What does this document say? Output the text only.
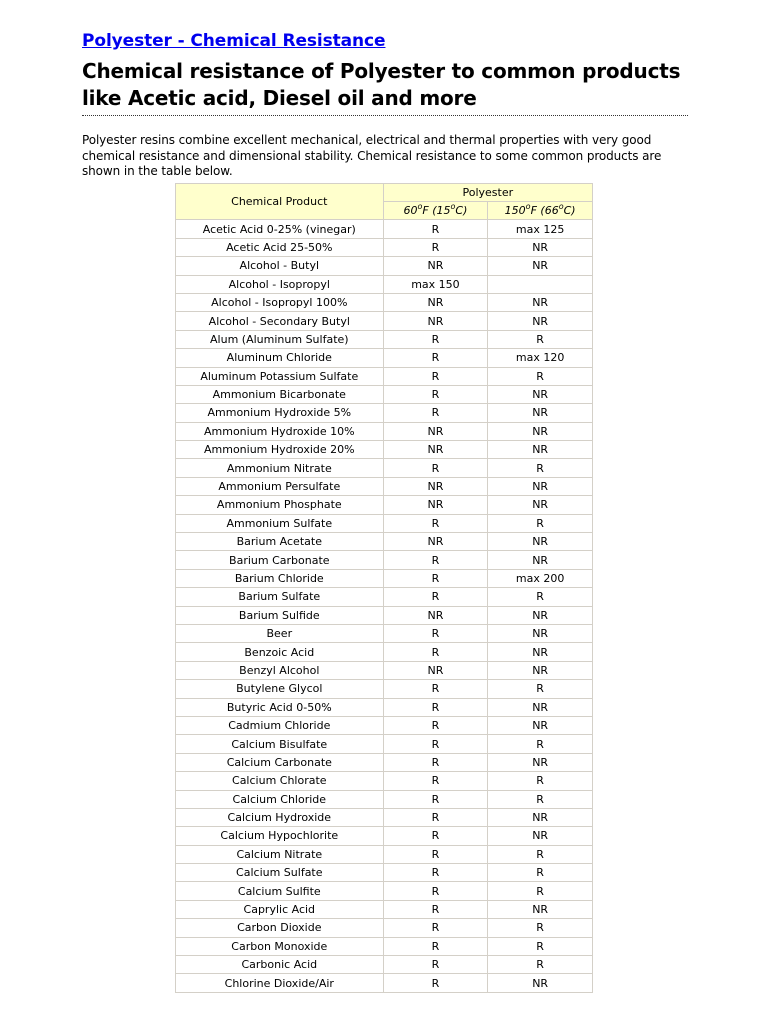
Polyester - Chemical Resistance
Chemical resistance of Polyester to common products like Acetic acid, Diesel oil and more

Polyester resins combine excellent mechanical, electrical and thermal properties with very good chemical resistance and dimensional stability. Chemical resistance to some common products are shown in the table below.

Chemical Product	Polyester	
	60$^o$F (15$^o$C)	150$^o$F (66$^o$C)
Acetic Acid 0-25% (vinegar)	R	max 125
Acetic Acid 25-50%	R	NR
Alcohol - Butyl	NR	NR
Alcohol - Isopropyl	max 150	
Alcohol - Isopropyl 100%	NR	NR
Alcohol - Secondary Butyl	NR	NR
Alum (Aluminum Sulfate)	R	R
Aluminum Chloride	R	max 120
Aluminum Potassium Sulfate	R	R
Ammonium Bicarbonate	R	NR
Ammonium Hydroxide 5%	R	NR
Ammonium Hydroxide 10%	NR	NR
Ammonium Hydroxide 20%	NR	NR
Ammonium Nitrate	R	R
Ammonium Persulfate	NR	NR
Ammonium Phosphate	NR	NR
Ammonium Sulfate	R	R
Barium Acetate	NR	NR
Barium Carbonate	R	NR
Barium Chloride	R	max 200
Barium Sulfate	R	R
Barium Sulfide	NR	NR
Beer	R	NR
Benzoic Acid	R	NR
Benzyl Alcohol	NR	NR
Butylene Glycol	R	R
Butyric Acid 0-50%	R	NR
Cadmium Chloride	R	NR
Calcium Bisulfate	R	R
Calcium Carbonate	R	NR
Calcium Chlorate	R	R
Calcium Chloride	R	R
Calcium Hydroxide	R	NR
Calcium Hypochlorite	R	NR
Calcium Nitrate	R	R
Calcium Sulfate	R	R
Calcium Sulfite	R	R
Caprylic Acid	R	NR
Carbon Dioxide	R	R
Carbon Monoxide	R	R
Carbonic Acid	R	R
Chlorine Dioxide/Air	R	NR
